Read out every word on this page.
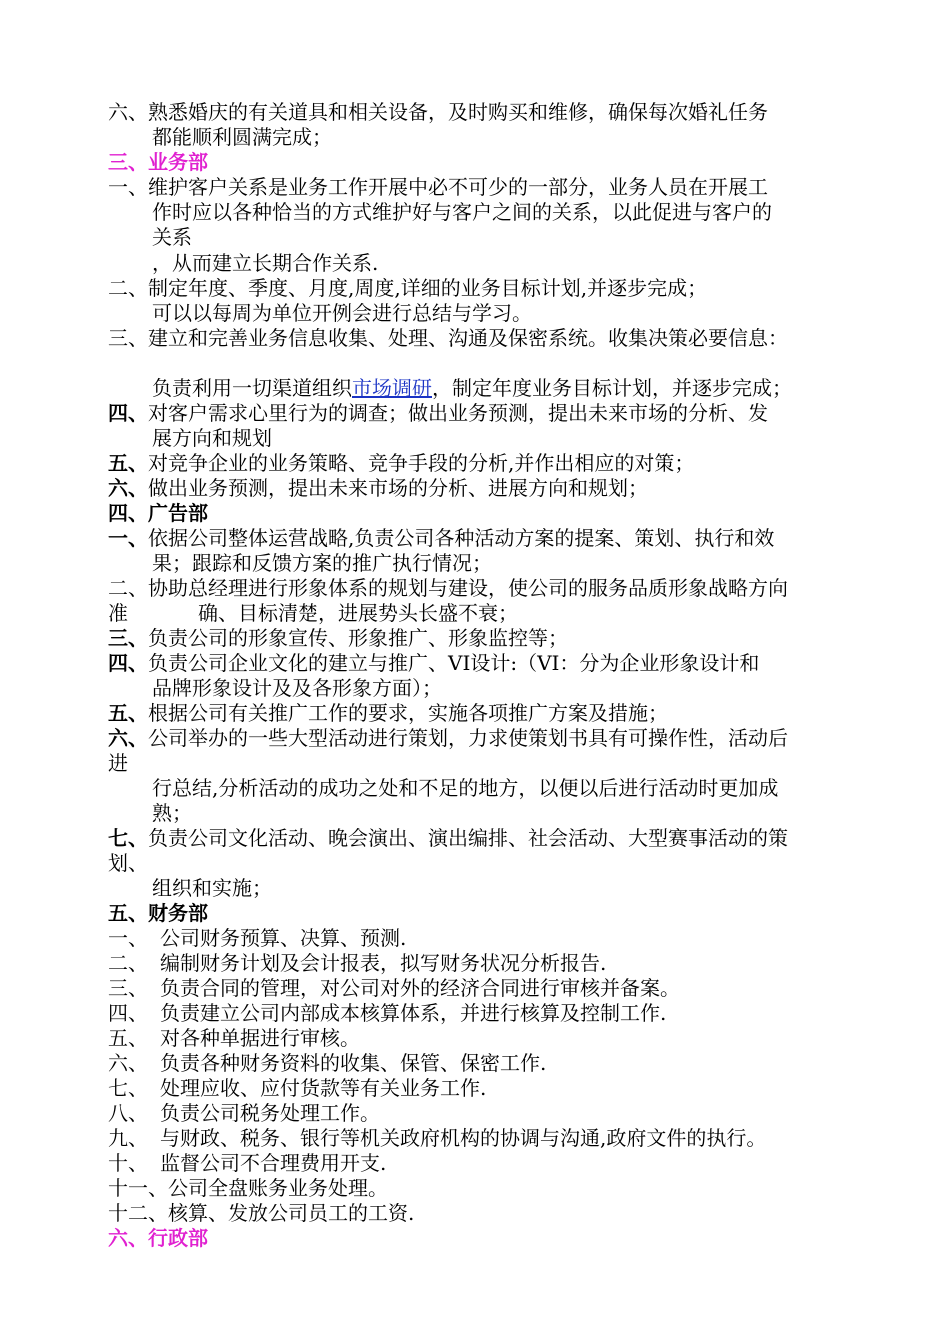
六、熟悉婚庆的有关道具和相关设备，及时购买和维修，确保每次婚礼任务
都能顺利圆满完成；
三、业务部
一、维护客户关系是业务工作开展中必不可少的一部分，业务人员在开展工
作时应以各种恰当的方式维护好与客户之间的关系，以此促进与客户的
关系
，从而建立长期合作关系.
二、制定年度、季度、月度,周度,详细的业务目标计划,并逐步完成；
可以以每周为单位开例会进行总结与学习。
三、建立和完善业务信息收集、处理、沟通及保密系统。收集决策必要信息：
负责利用一切渠道组织市场调研，制定年度业务目标计划，并逐步完成；
四、对客户需求心里行为的调查；做出业务预测，提出未来市场的分析、发
展方向和规划
五、对竞争企业的业务策略、竞争手段的分析,并作出相应的对策；
六、做出业务预测，提出未来市场的分析、进展方向和规划；
四、广告部
一、依据公司整体运营战略,负责公司各种活动方案的提案、策划、执行和效
果；跟踪和反馈方案的推广执行情况；
二、协助总经理进行形象体系的规划与建设，使公司的服务品质形象战略方向
准	确、目标清楚，进展势头长盛不衰；
三、负责公司的形象宣传、形象推广、形象监控等；
四、负责公司企业文化的建立与推广、VI设计:（VI：分为企业形象设计和
品牌形象设计及及各形象方面）；
五、根据公司有关推广工作的要求，实施各项推广方案及措施；
六、公司举办的一些大型活动进行策划，力求使策划书具有可操作性，活动后
进
行总结,分析活动的成功之处和不足的地方，以便以后进行活动时更加成
熟；
七、负责公司文化活动、晚会演出、演出编排、社会活动、大型赛事活动的策
划、
组织和实施；
五、财务部
一、 公司财务预算、决算、预测.
二、 编制财务计划及会计报表，拟写财务状况分析报告.
三、 负责合同的管理，对公司对外的经济合同进行审核并备案。
四、 负责建立公司内部成本核算体系，并进行核算及控制工作.
五、 对各种单据进行审核。
六、 负责各种财务资料的收集、保管、保密工作.
七、 处理应收、应付货款等有关业务工作.
八、 负责公司税务处理工作。
九、 与财政、税务、银行等机关政府机构的协调与沟通,政府文件的执行。
十、 监督公司不合理费用开支.
十一、公司全盘账务业务处理。
十二、核算、发放公司员工的工资.
六、行政部
